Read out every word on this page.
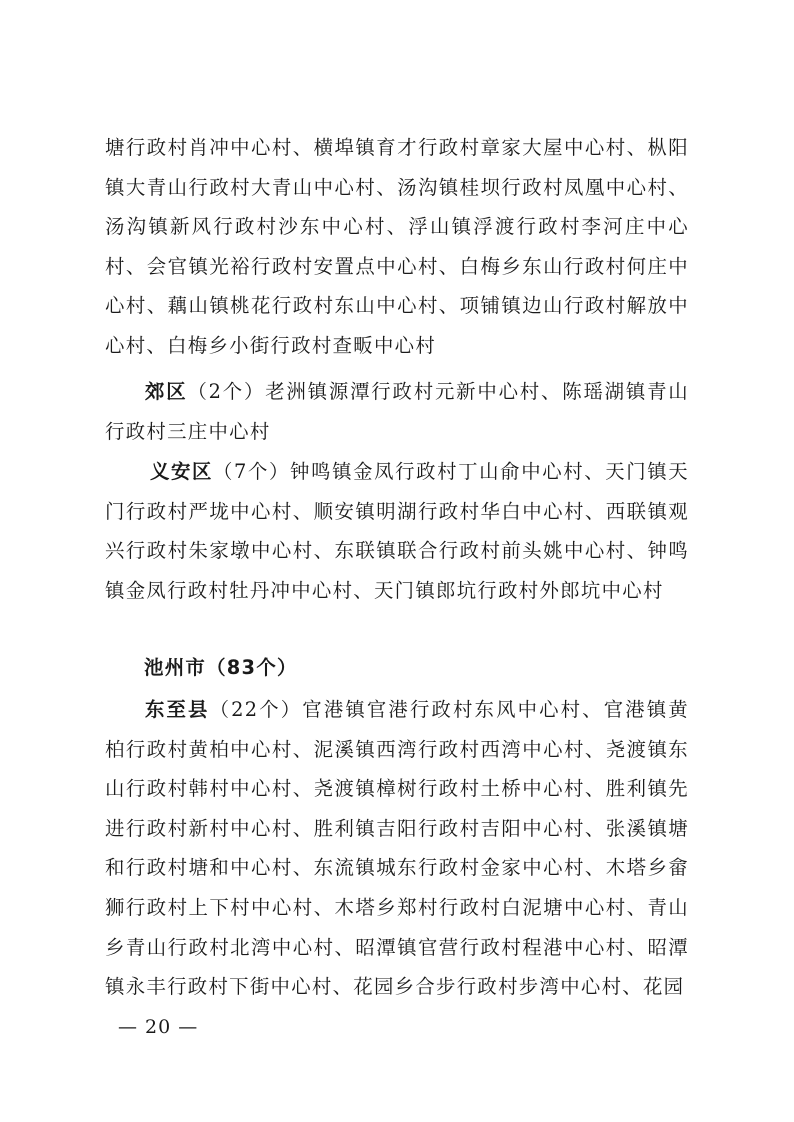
塘行政村肖冲中心村、横埠镇育才行政村章家大屋中心村、枞阳镇大青山行政村大青山中心村、汤沟镇桂坝行政村凤凰中心村、汤沟镇新风行政村沙东中心村、浮山镇浮渡行政村李河庄中心村、会官镇光裕行政村安置点中心村、白梅乡东山行政村何庄中心村、藕山镇桃花行政村东山中心村、项铺镇边山行政村解放中心村、白梅乡小街行政村查畈中心村

郊区（2个）老洲镇源潭行政村元新中心村、陈瑶湖镇青山行政村三庄中心村

义安区（7个）钟鸣镇金凤行政村丁山俞中心村、天门镇天门行政村严垅中心村、顺安镇明湖行政村华白中心村、西联镇观兴行政村朱家墩中心村、东联镇联合行政村前头姚中心村、钟鸣镇金凤行政村牡丹冲中心村、天门镇郎坑行政村外郎坑中心村

池州市（83个）

东至县（22个）官港镇官港行政村东风中心村、官港镇黄柏行政村黄柏中心村、泥溪镇西湾行政村西湾中心村、尧渡镇东山行政村韩村中心村、尧渡镇樟树行政村土桥中心村、胜利镇先进行政村新村中心村、胜利镇吉阳行政村吉阳中心村、张溪镇塘和行政村塘和中心村、东流镇城东行政村金家中心村、木塔乡畲狮行政村上下村中心村、木塔乡郑村行政村白泥塘中心村、青山乡青山行政村北湾中心村、昭潭镇官营行政村程港中心村、昭潭镇永丰行政村下街中心村、花园乡合步行政村步湾中心村、花园

— 20 —
